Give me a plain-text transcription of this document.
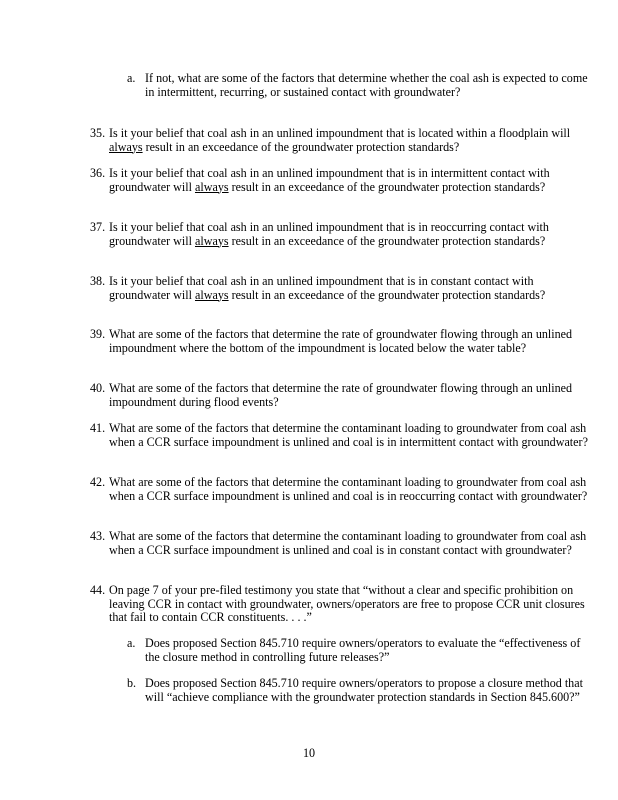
a. If not, what are some of the factors that determine whether the coal ash is expected to come in intermittent, recurring, or sustained contact with groundwater?
35. Is it your belief that coal ash in an unlined impoundment that is located within a floodplain will always result in an exceedance of the groundwater protection standards?
36. Is it your belief that coal ash in an unlined impoundment that is in intermittent contact with groundwater will always result in an exceedance of the groundwater protection standards?
37. Is it your belief that coal ash in an unlined impoundment that is in reoccurring contact with groundwater will always result in an exceedance of the groundwater protection standards?
38. Is it your belief that coal ash in an unlined impoundment that is in constant contact with groundwater will always result in an exceedance of the groundwater protection standards?
39. What are some of the factors that determine the rate of groundwater flowing through an unlined impoundment where the bottom of the impoundment is located below the water table?
40. What are some of the factors that determine the rate of groundwater flowing through an unlined impoundment during flood events?
41. What are some of the factors that determine the contaminant loading to groundwater from coal ash when a CCR surface impoundment is unlined and coal is in intermittent contact with groundwater?
42. What are some of the factors that determine the contaminant loading to groundwater from coal ash when a CCR surface impoundment is unlined and coal is in reoccurring contact with groundwater?
43. What are some of the factors that determine the contaminant loading to groundwater from coal ash when a CCR surface impoundment is unlined and coal is in constant contact with groundwater?
44. On page 7 of your pre-filed testimony you state that “without a clear and specific prohibition on leaving CCR in contact with groundwater, owners/operators are free to propose CCR unit closures that fail to contain CCR constituents. . . .”
a. Does proposed Section 845.710 require owners/operators to evaluate the “effectiveness of the closure method in controlling future releases?”
b. Does proposed Section 845.710 require owners/operators to propose a closure method that will “achieve compliance with the groundwater protection standards in Section 845.600?”
10
